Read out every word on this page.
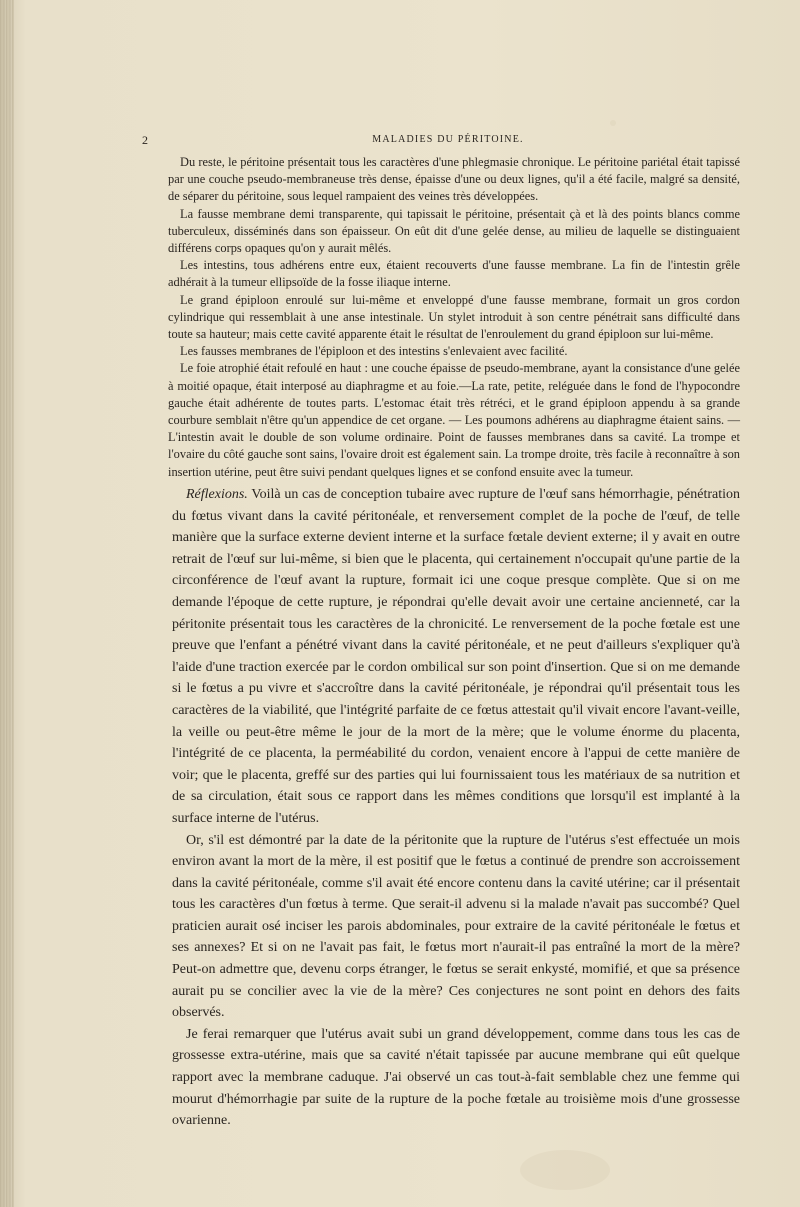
2	MALADIES DU PÉRITOINE.

Du reste, le péritoine présentait tous les caractères d'une phlegmasie chronique. Le péritoine pariétal était tapissé par une couche pseudo-membraneuse très dense, épaisse d'une ou deux lignes, qu'il a été facile, malgré sa densité, de séparer du péritoine, sous lequel rampaient des veines très développées.

La fausse membrane demi transparente, qui tapissait le péritoine, présentait çà et là des points blancs comme tuberculeux, disséminés dans son épaisseur. On eût dit d'une gelée dense, au milieu de laquelle se distinguaient différens corps opaques qu'on y aurait mêlés.

Les intestins, tous adhérens entre eux, étaient recouverts d'une fausse membrane. La fin de l'intestin grêle adhérait à la tumeur ellipsoïde de la fosse iliaque interne.

Le grand épiploon enroulé sur lui-même et enveloppé d'une fausse membrane, formait un gros cordon cylindrique qui ressemblait à une anse intestinale. Un stylet introduit à son centre pénétrait sans difficulté dans toute sa hauteur; mais cette cavité apparente était le résultat de l'enroulement du grand épiploon sur lui-même.

Les fausses membranes de l'épiploon et des intestins s'enlevaient avec facilité.

Le foie atrophié était refoulé en haut : une couche épaisse de pseudo-membrane, ayant la consistance d'une gelée à moitié opaque, était interposé au diaphragme et au foie.—La rate, petite, reléguée dans le fond de l'hypocondre gauche était adhérente de toutes parts. L'estomac était très rétréci, et le grand épiploon appendu à sa grande courbure semblait n'être qu'un appendice de cet organe. — Les poumons adhérens au diaphragme étaient sains. — L'intestin avait le double de son volume ordinaire. Point de fausses membranes dans sa cavité. La trompe et l'ovaire du côté gauche sont sains, l'ovaire droit est également sain. La trompe droite, très facile à reconnaître à son insertion utérine, peut être suivi pendant quelques lignes et se confond ensuite avec la tumeur.

Réflexions. Voilà un cas de conception tubaire avec rupture de l'œuf sans hémorrhagie, pénétration du fœtus vivant dans la cavité péritonéale, et renversement complet de la poche de l'œuf, de telle manière que la surface externe devient interne et la surface fœtale devient externe; il y avait en outre retrait de l'œuf sur lui-même, si bien que le placenta, qui certainement n'occupait qu'une partie de la circonférence de l'œuf avant la rupture, formait ici une coque presque complète. Que si on me demande l'époque de cette rupture, je répondrai qu'elle devait avoir une certaine ancienneté, car la péritonite présentait tous les caractères de la chronicité. Le renversement de la poche fœtale est une preuve que l'enfant a pénétré vivant dans la cavité péritonéale, et ne peut d'ailleurs s'expliquer qu'à l'aide d'une traction exercée par le cordon ombilical sur son point d'insertion. Que si on me demande si le fœtus a pu vivre et s'accroître dans la cavité péritonéale, je répondrai qu'il présentait tous les caractères de la viabilité, que l'intégrité parfaite de ce fœtus attestait qu'il vivait encore l'avant-veille, la veille ou peut-être même le jour de la mort de la mère; que le volume énorme du placenta, l'intégrité de ce placenta, la perméabilité du cordon, venaient encore à l'appui de cette manière de voir; que le placenta, greffé sur des parties qui lui fournissaient tous les matériaux de sa nutrition et de sa circulation, était sous ce rapport dans les mêmes conditions que lorsqu'il est implanté à la surface interne de l'utérus.

Or, s'il est démontré par la date de la péritonite que la rupture de l'utérus s'est effectuée un mois environ avant la mort de la mère, il est positif que le fœtus a continué de prendre son accroissement dans la cavité péritonéale, comme s'il avait été encore contenu dans la cavité utérine; car il présentait tous les caractères d'un fœtus à terme. Que serait-il advenu si la malade n'avait pas succombé? Quel praticien aurait osé inciser les parois abdominales, pour extraire de la cavité péritonéale le fœtus et ses annexes? Et si on ne l'avait pas fait, le fœtus mort n'aurait-il pas entraîné la mort de la mère? Peut-on admettre que, devenu corps étranger, le fœtus se serait enkysté, momifié, et que sa présence aurait pu se concilier avec la vie de la mère? Ces conjectures ne sont point en dehors des faits observés.

Je ferai remarquer que l'utérus avait subi un grand développement, comme dans tous les cas de grossesse extra-utérine, mais que sa cavité n'était tapissée par aucune membrane qui eût quelque rapport avec la membrane caduque. J'ai observé un cas tout-à-fait semblable chez une femme qui mourut d'hémorrhagie par suite de la rupture de la poche fœtale au troisième mois d'une grossesse ovarienne.
